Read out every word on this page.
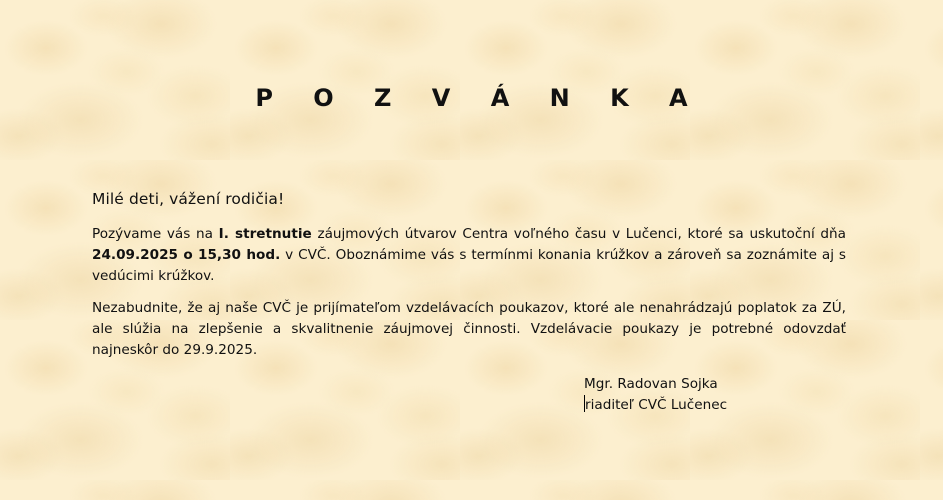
P O Z V Á N K A
Milé deti, vážení rodičia!
Pozývame vás na I. stretnutie záujmových útvarov Centra voľného času v Lučenci, ktoré sa uskutoční dňa 24.09.2025 o 15,30 hod. v CVČ. Oboznámime vás s termínmi konania krúžkov a zároveň sa zoznámite aj s vedúcimi krúžkov.
Nezabudnite, že aj naše CVČ je prijímateľom vzdelávacích poukazov, ktoré ale nenahrádzajú poplatok za ZÚ, ale slúžia na zlepšenie a skvalitnenie záujmovej činnosti. Vzdelávacie poukazy je potrebné odovzdať najneskôr do 29.9.2025.
Mgr. Radovan Sojka
riaditeľ CVČ Lučenec
